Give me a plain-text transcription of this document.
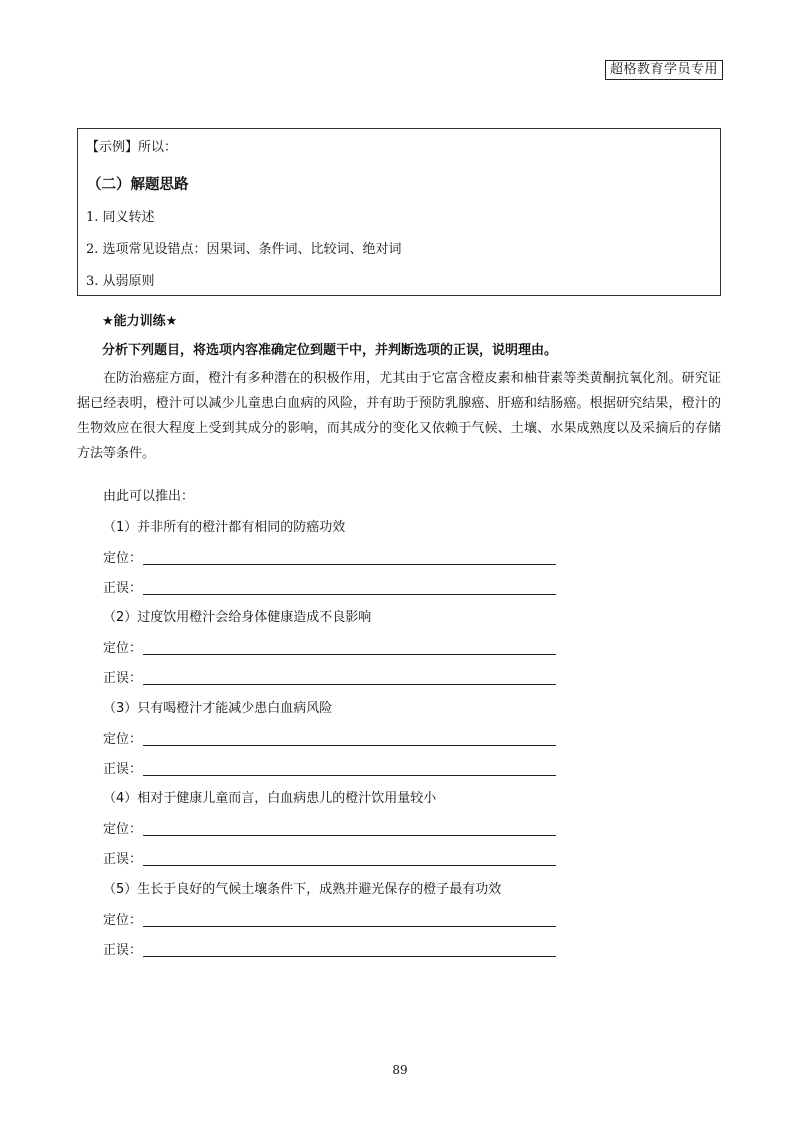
超格教育学员专用
【示例】所以：
（二）解题思路
1. 同义转述
2. 选项常见设错点：因果词、条件词、比较词、绝对词
3. 从弱原则
★能力训练★
分析下列题目，将选项内容准确定位到题干中，并判断选项的正误，说明理由。

在防治癌症方面，橙汁有多种潜在的积极作用，尤其由于它富含橙皮素和柚苷素等类黄酮抗氧化剂。研究证据已经表明，橙汁可以减少儿童患白血病的风险，并有助于预防乳腺癌、肝癌和结肠癌。根据研究结果，橙汁的生物效应在很大程度上受到其成分的影响，而其成分的变化又依赖于气候、土壤、水果成熟度以及采摘后的存储方法等条件。

由此可以推出：
（1）并非所有的橙汁都有相同的防癌功效
定位：
正误：
（2）过度饮用橙汁会给身体健康造成不良影响
定位：
正误：
（3）只有喝橙汁才能减少患白血病风险
定位：
正误：
（4）相对于健康儿童而言，白血病患儿的橙汁饮用量较小
定位：
正误：
（5）生长于良好的气候土壤条件下，成熟并避光保存的橙子最有功效
定位：
正误：
89
